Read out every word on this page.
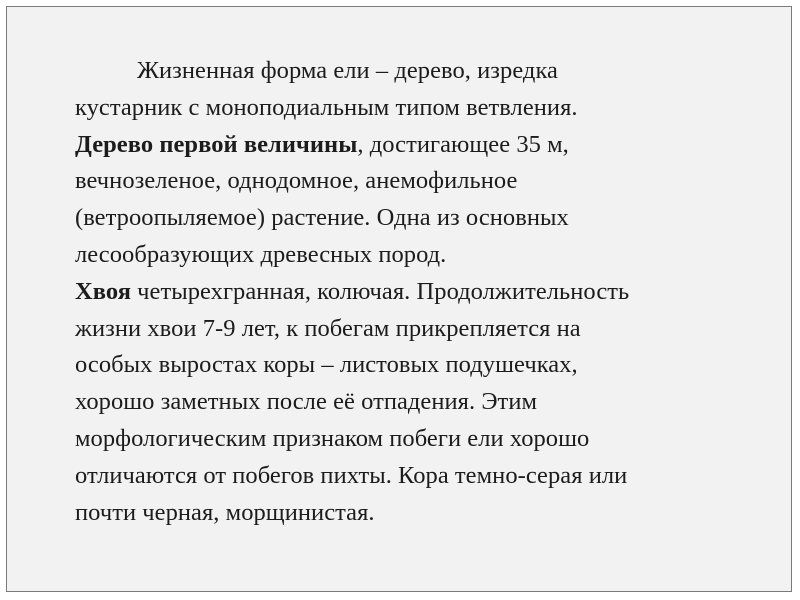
Жизненная форма ели – дерево, изредка
кустарник с моноподиальным типом ветвления.
Дерево первой величины, достигающее 35 м,
вечнозеленое, однодомное, анемофильное
(ветроопыляемое) растение. Одна из основных
лесообразующих древесных пород.
Хвоя четырехгранная, колючая. Продолжительность
жизни хвои 7-9 лет, к побегам прикрепляется на
особых выростах коры – листовых подушечках,
хорошо заметных после её отпадения. Этим
морфологическим признаком побеги ели хорошо
отличаются от побегов пихты. Кора темно-серая или
почти черная, морщинистая.
